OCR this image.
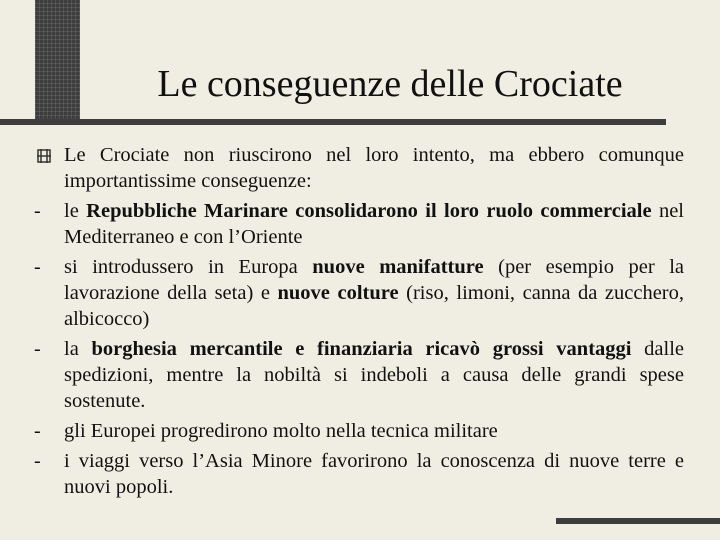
Le conseguenze delle Crociate

Le Crociate non riuscirono nel loro intento, ma ebbero comunque importantissime conseguenze:

-	le Repubbliche Marinare consolidarono il loro ruolo commerciale nel Mediterraneo e con l’Oriente

-	si introdussero in Europa nuove manifatture (per esempio per la lavorazione della seta) e nuove colture (riso, limoni, canna da zucchero, albicocco)

-	la borghesia mercantile e finanziaria ricavò grossi vantaggi dalle spedizioni, mentre la nobiltà si indeboli a causa delle grandi spese sostenute.

-	gli Europei progredirono molto nella tecnica militare

-	i viaggi verso l’Asia Minore favorirono la conoscenza di nuove terre e nuovi popoli.
